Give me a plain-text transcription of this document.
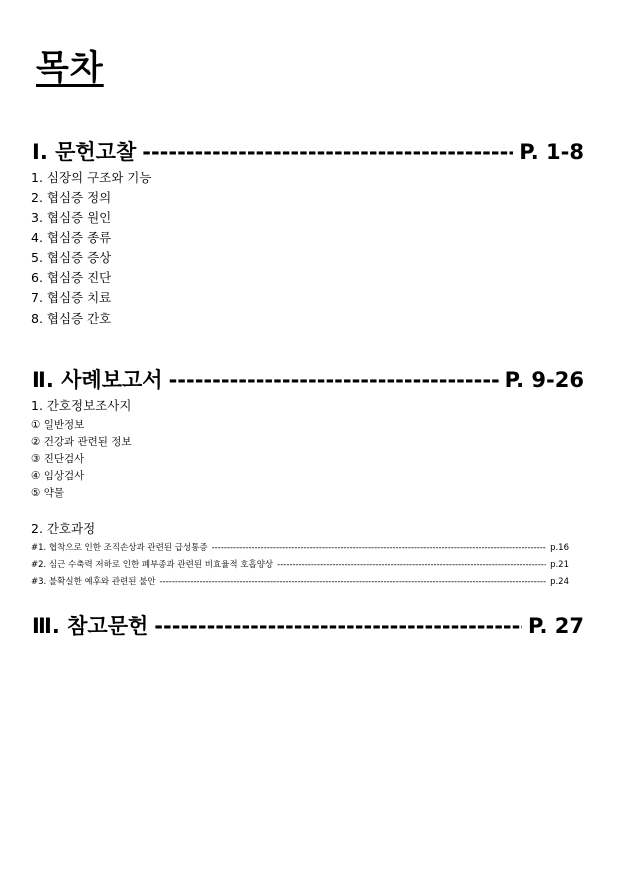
목차
Ⅰ. 문헌고찰 -----	P. 1-8
1. 심장의 구조와 기능
2. 협심증 정의
3. 협심증 원인
4. 협심증 종류
5. 협심증 증상
6. 협심증 진단
7. 협심증 치료
8. 협심증 간호
Ⅱ. 사례보고서 -----	P. 9-26
1. 간호정보조사지
① 일반정보
② 건강과 관련된 정보
③ 진단검사
④ 임상검사
⑤ 약물
2. 간호과정
#1. 협착으로 인한 조직손상과 관련된 급성통증 -----	p.16
#2. 심근 수축력 저하로 인한 폐부종과 관련된 비효율적 호흡양상 -----	p.21
#3. 불확실한 예후와 관련된 불안 -----	p.24
Ⅲ. 참고문헌 -----	P. 27
